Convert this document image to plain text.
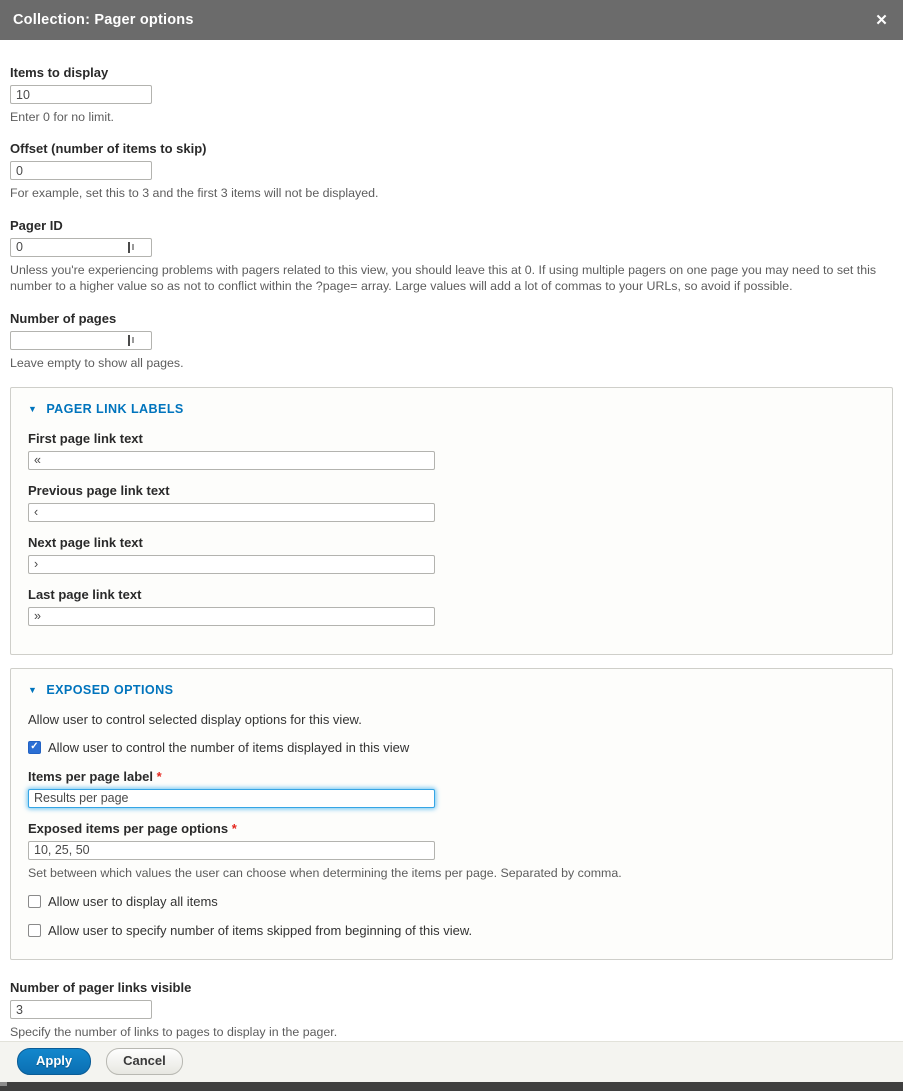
Collection: Pager options	✕
Items to display
10
Enter 0 for no limit.
Offset (number of items to skip)
0
For example, set this to 3 and the first 3 items will not be displayed.
Pager ID
0
Unless you're experiencing problems with pagers related to this view, you should leave this at 0. If using multiple pagers on one page you may need to set this number to a higher value so as not to conflict within the ?page= array. Large values will add a lot of commas to your URLs, so avoid if possible.
Number of pages
Leave empty to show all pages.
▼ PAGER LINK LABELS
First page link text
«
Previous page link text
‹
Next page link text
›
Last page link text
»
▼ EXPOSED OPTIONS
Allow user to control selected display options for this view.
✓ Allow user to control the number of items displayed in this view
Items per page label *
Results per page
Exposed items per page options *
10, 25, 50
Set between which values the user can choose when determining the items per page. Separated by comma.
Allow user to display all items
Allow user to specify number of items skipped from beginning of this view.
Number of pager links visible
3
Specify the number of links to pages to display in the pager.
Apply	Cancel
